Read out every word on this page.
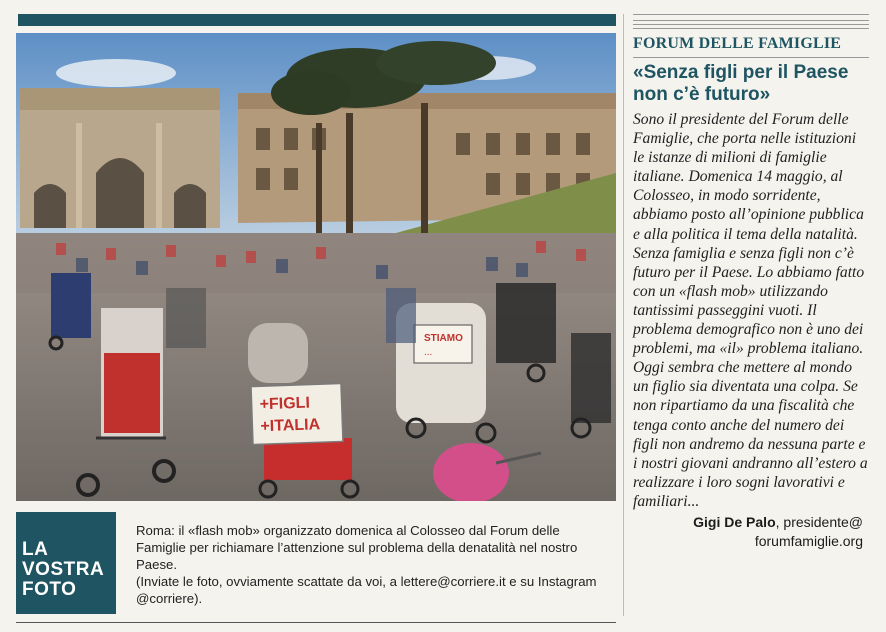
+FIGLI
+ITALIA
STIAMO
...
LA
VOSTRA
FOTO

Roma: il «flash mob» organizzato domenica al Colosseo dal Forum delle Famiglie per richiamare l’attenzione sul problema della denatalità nel nostro Paese.

(Inviate le foto, ovviamente scattate da voi, a lettere@corriere.it e su Instagram @corriere).

FORUM DELLE FAMIGLIE
«Senza figli per il Paese non c’è futuro»

Sono il presidente del Forum delle Famiglie, che porta nelle istituzioni le istanze di milioni di famiglie italiane. Domenica 14 maggio, al Colosseo, in modo sorridente, abbiamo posto all’opinione pubblica e alla politica il tema della natalità. Senza famiglia e senza figli non c’è futuro per il Paese. Lo abbiamo fatto con un «flash mob» utilizzando tantissimi passeggini vuoti. Il problema demografico non è uno dei problemi, ma «il» problema italiano. Oggi sembra che mettere al mondo un figlio sia diventata una colpa. Se non ripartiamo da una fiscalità che tenga conto anche del numero dei figli non andremo da nessuna parte e i nostri giovani andranno all’estero a realizzare i loro sogni lavorativi e familiari...

Gigi De Palo, presidente@
forumfamiglie.org
